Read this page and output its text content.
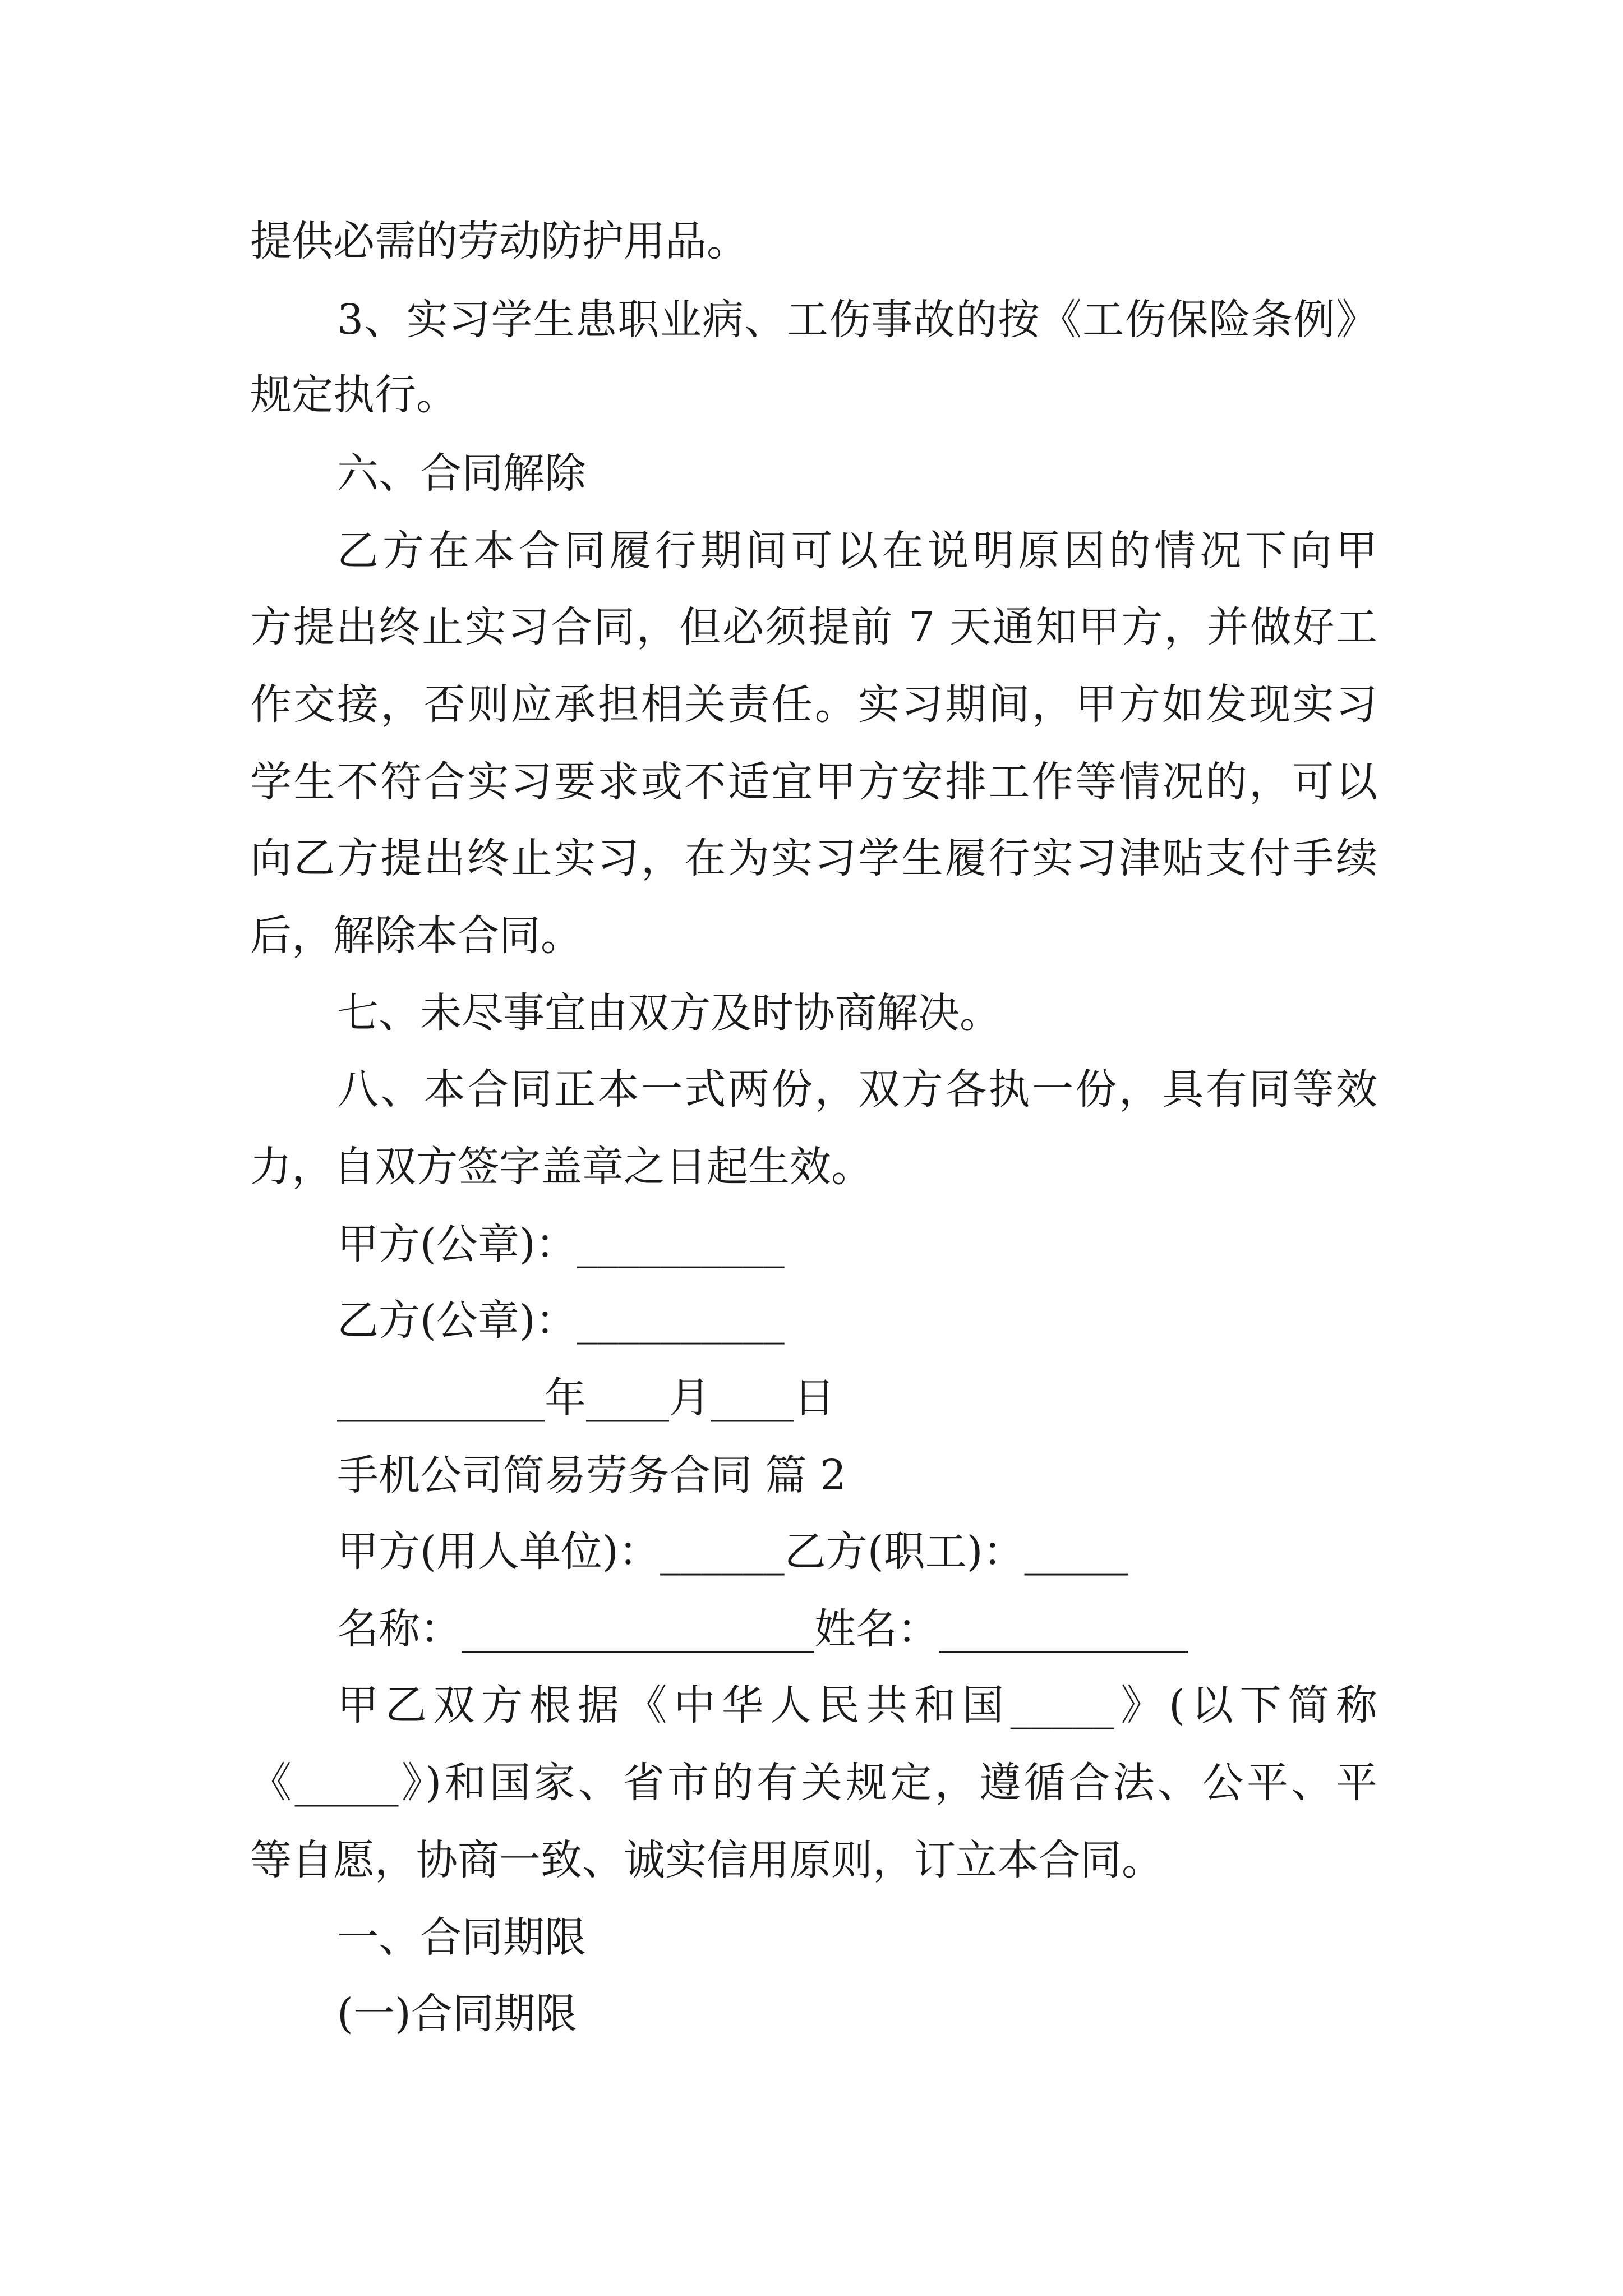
提供必需的劳动防护用品。
3、实习学生患职业病、工伤事故的按《工伤保险条例》
规定执行。
六、合同解除
乙方在本合同履行期间可以在说明原因的情况下向甲
方提出终止实习合同，但必须提前 7 天通知甲方，并做好工
作交接，否则应承担相关责任。实习期间，甲方如发现实习
学生不符合实习要求或不适宜甲方安排工作等情况的，可以
向乙方提出终止实习，在为实习学生履行实习津贴支付手续
后，解除本合同。
七、未尽事宜由双方及时协商解决。
八、本合同正本一式两份，双方各执一份，具有同等效
力，自双方签字盖章之日起生效。
甲方(公章)：__________
乙方(公章)：__________
__________年____月____日
手机公司简易劳务合同 篇 2
甲方(用人单位)：______乙方(职工)：_____
名称：_________________姓名：____________
甲乙双方根据《中华人民共和国_____》(以下简称
《_____》)和国家、省市的有关规定，遵循合法、公平、平
等自愿，协商一致、诚实信用原则，订立本合同。
一、合同期限
(一)合同期限
